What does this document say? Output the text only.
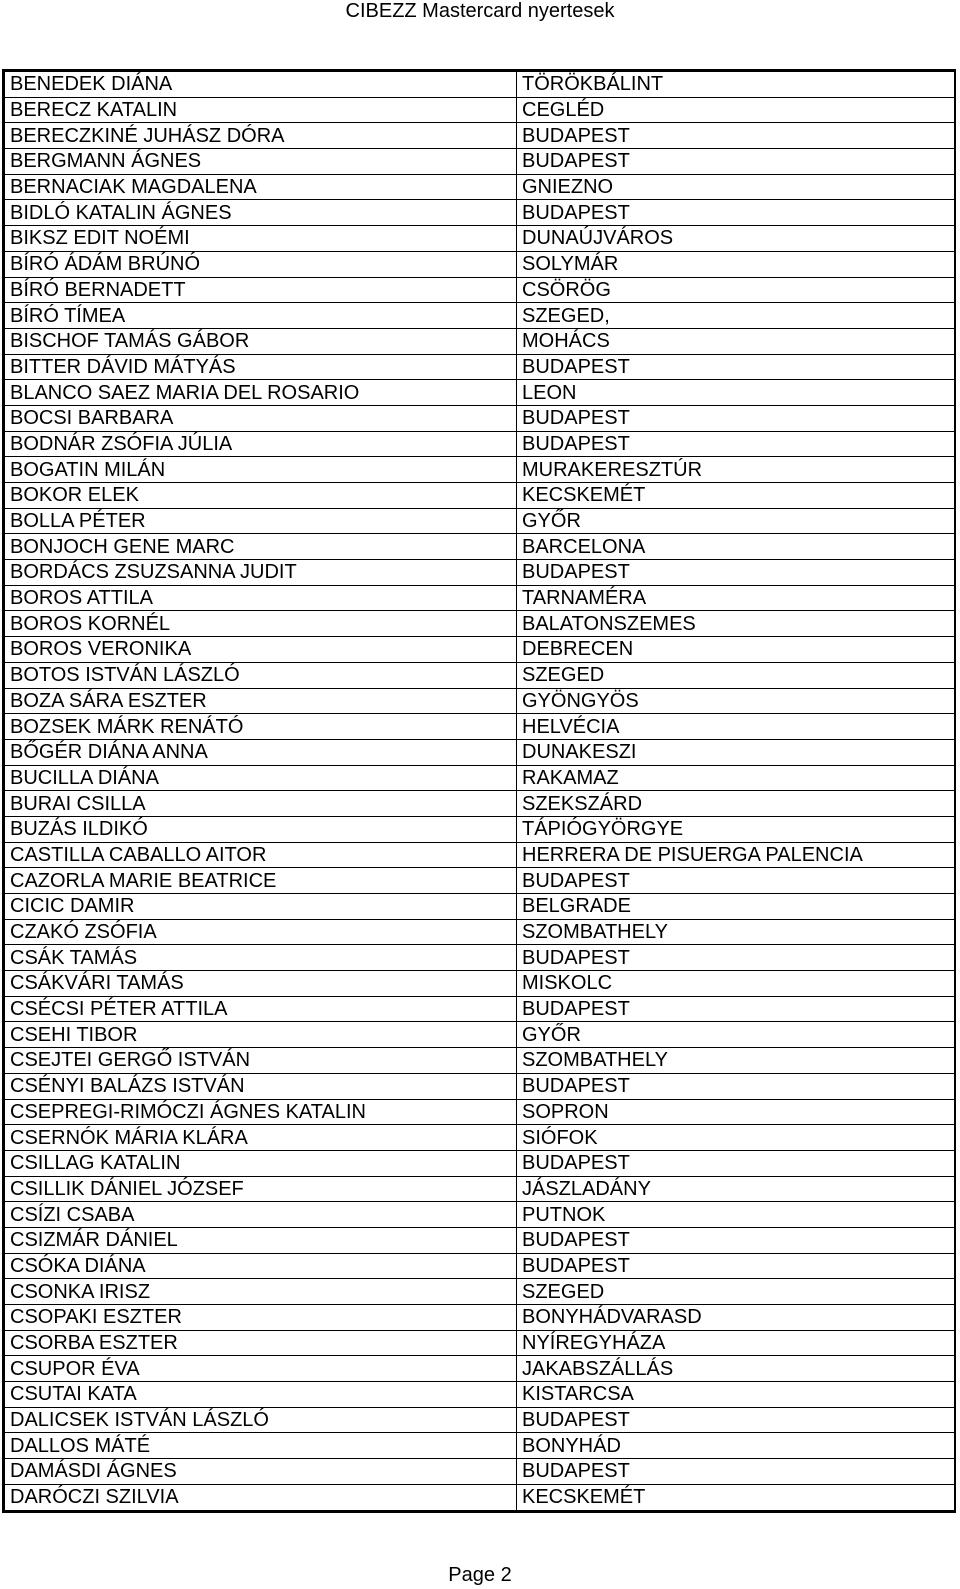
CIBEZZ Mastercard nyertesek
BENEDEK DIÁNA	TÖRÖKBÁLINT
BERECZ KATALIN	CEGLÉD
BERECZKINÉ JUHÁSZ DÓRA	BUDAPEST
BERGMANN ÁGNES	BUDAPEST
BERNACIAK MAGDALENA	GNIEZNO
BIDLÓ KATALIN ÁGNES	BUDAPEST
BIKSZ EDIT NOÉMI	DUNAÚJVÁROS
BÍRÓ ÁDÁM BRÚNÓ	SOLYMÁR
BÍRÓ BERNADETT	CSÖRÖG
BÍRÓ TÍMEA	SZEGED,
BISCHOF TAMÁS GÁBOR	MOHÁCS
BITTER DÁVID MÁTYÁS	BUDAPEST
BLANCO SAEZ MARIA DEL ROSARIO	LEON
BOCSI BARBARA	BUDAPEST
BODNÁR ZSÓFIA JÚLIA	BUDAPEST
BOGATIN MILÁN	MURAKERESZTÚR
BOKOR ELEK	KECSKEMÉT
BOLLA PÉTER	GYŐR
BONJOCH GENE MARC	BARCELONA
BORDÁCS ZSUZSANNA JUDIT	BUDAPEST
BOROS ATTILA	TARNAMÉRA
BOROS KORNÉL	BALATONSZEMES
BOROS VERONIKA	DEBRECEN
BOTOS ISTVÁN LÁSZLÓ	SZEGED
BOZA SÁRA ESZTER	GYÖNGYÖS
BOZSEK MÁRK RENÁTÓ	HELVÉCIA
BŐGÉR DIÁNA ANNA	DUNAKESZI
BUCILLA DIÁNA	RAKAMAZ
BURAI CSILLA	SZEKSZÁRD
BUZÁS ILDIKÓ	TÁPIÓGYÖRGYE
CASTILLA CABALLO AITOR	HERRERA DE PISUERGA PALENCIA
CAZORLA MARIE BEATRICE	BUDAPEST
CICIC DAMIR	BELGRADE
CZAKÓ ZSÓFIA	SZOMBATHELY
CSÁK TAMÁS	BUDAPEST
CSÁKVÁRI TAMÁS	MISKOLC
CSÉCSI PÉTER ATTILA	BUDAPEST
CSEHI TIBOR	GYŐR
CSEJTEI GERGŐ ISTVÁN	SZOMBATHELY
CSÉNYI BALÁZS ISTVÁN	BUDAPEST
CSEPREGI-RIMÓCZI ÁGNES KATALIN	SOPRON
CSERNÓK MÁRIA KLÁRA	SIÓFOK
CSILLAG KATALIN	BUDAPEST
CSILLIK DÁNIEL JÓZSEF	JÁSZLADÁNY
CSÍZI CSABA	PUTNOK
CSIZMÁR DÁNIEL	BUDAPEST
CSÓKA DIÁNA	BUDAPEST
CSONKA IRISZ	SZEGED
CSOPAKI ESZTER	BONYHÁDVARASD
CSORBA ESZTER	NYÍREGYHÁZA
CSUPOR ÉVA	JAKABSZÁLLÁS
CSUTAI KATA	KISTARCSA
DALICSEK ISTVÁN LÁSZLÓ	BUDAPEST
DALLOS MÁTÉ	BONYHÁD
DAMÁSDI ÁGNES	BUDAPEST
DARÓCZI SZILVIA	KECSKEMÉT
Page 2
